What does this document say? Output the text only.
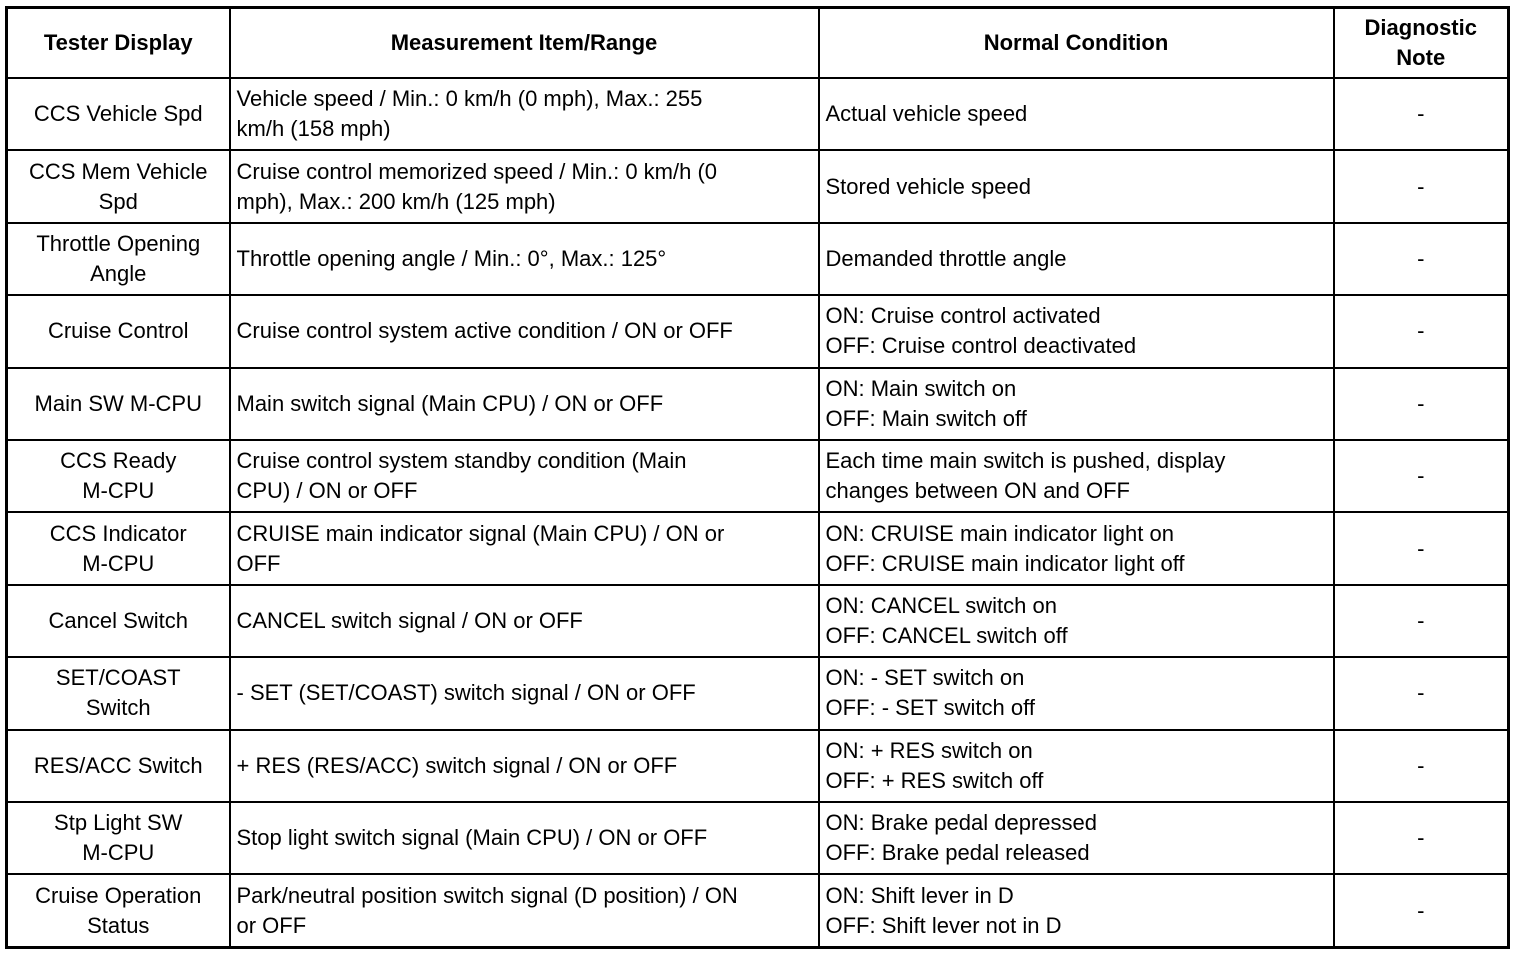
Tester Display	Measurement Item/Range	Normal Condition	Diagnostic
Note

CCS Vehicle Spd	Vehicle speed / Min.: 0 km/h (0 mph), Max.: 255
km/h (158 mph)	Actual vehicle speed	-

CCS Mem Vehicle
Spd	Cruise control memorized speed / Min.: 0 km/h (0
mph), Max.: 200 km/h (125 mph)	Stored vehicle speed	-

Throttle Opening
Angle	Throttle opening angle / Min.: 0°, Max.: 125°	Demanded throttle angle	-

Cruise Control	Cruise control system active condition / ON or OFF	ON: Cruise control activated
OFF: Cruise control deactivated	-

Main SW M-CPU	Main switch signal (Main CPU) / ON or OFF	ON: Main switch on
OFF: Main switch off	-

CCS Ready
M-CPU	Cruise control system standby condition (Main
CPU) / ON or OFF	Each time main switch is pushed, display
changes between ON and OFF	-

CCS Indicator
M-CPU	CRUISE main indicator signal (Main CPU) / ON or
OFF	ON: CRUISE main indicator light on
OFF: CRUISE main indicator light off	-

Cancel Switch	CANCEL switch signal / ON or OFF	ON: CANCEL switch on
OFF: CANCEL switch off	-

SET/COAST
Switch	- SET (SET/COAST) switch signal / ON or OFF	ON: - SET switch on
OFF: - SET switch off	-

RES/ACC Switch	+ RES (RES/ACC) switch signal / ON or OFF	ON: + RES switch on
OFF: + RES switch off	-

Stp Light SW
M-CPU	Stop light switch signal (Main CPU) / ON or OFF	ON: Brake pedal depressed
OFF: Brake pedal released	-

Cruise Operation
Status	Park/neutral position switch signal (D position) / ON
or OFF	ON: Shift lever in D
OFF: Shift lever not in D	-
